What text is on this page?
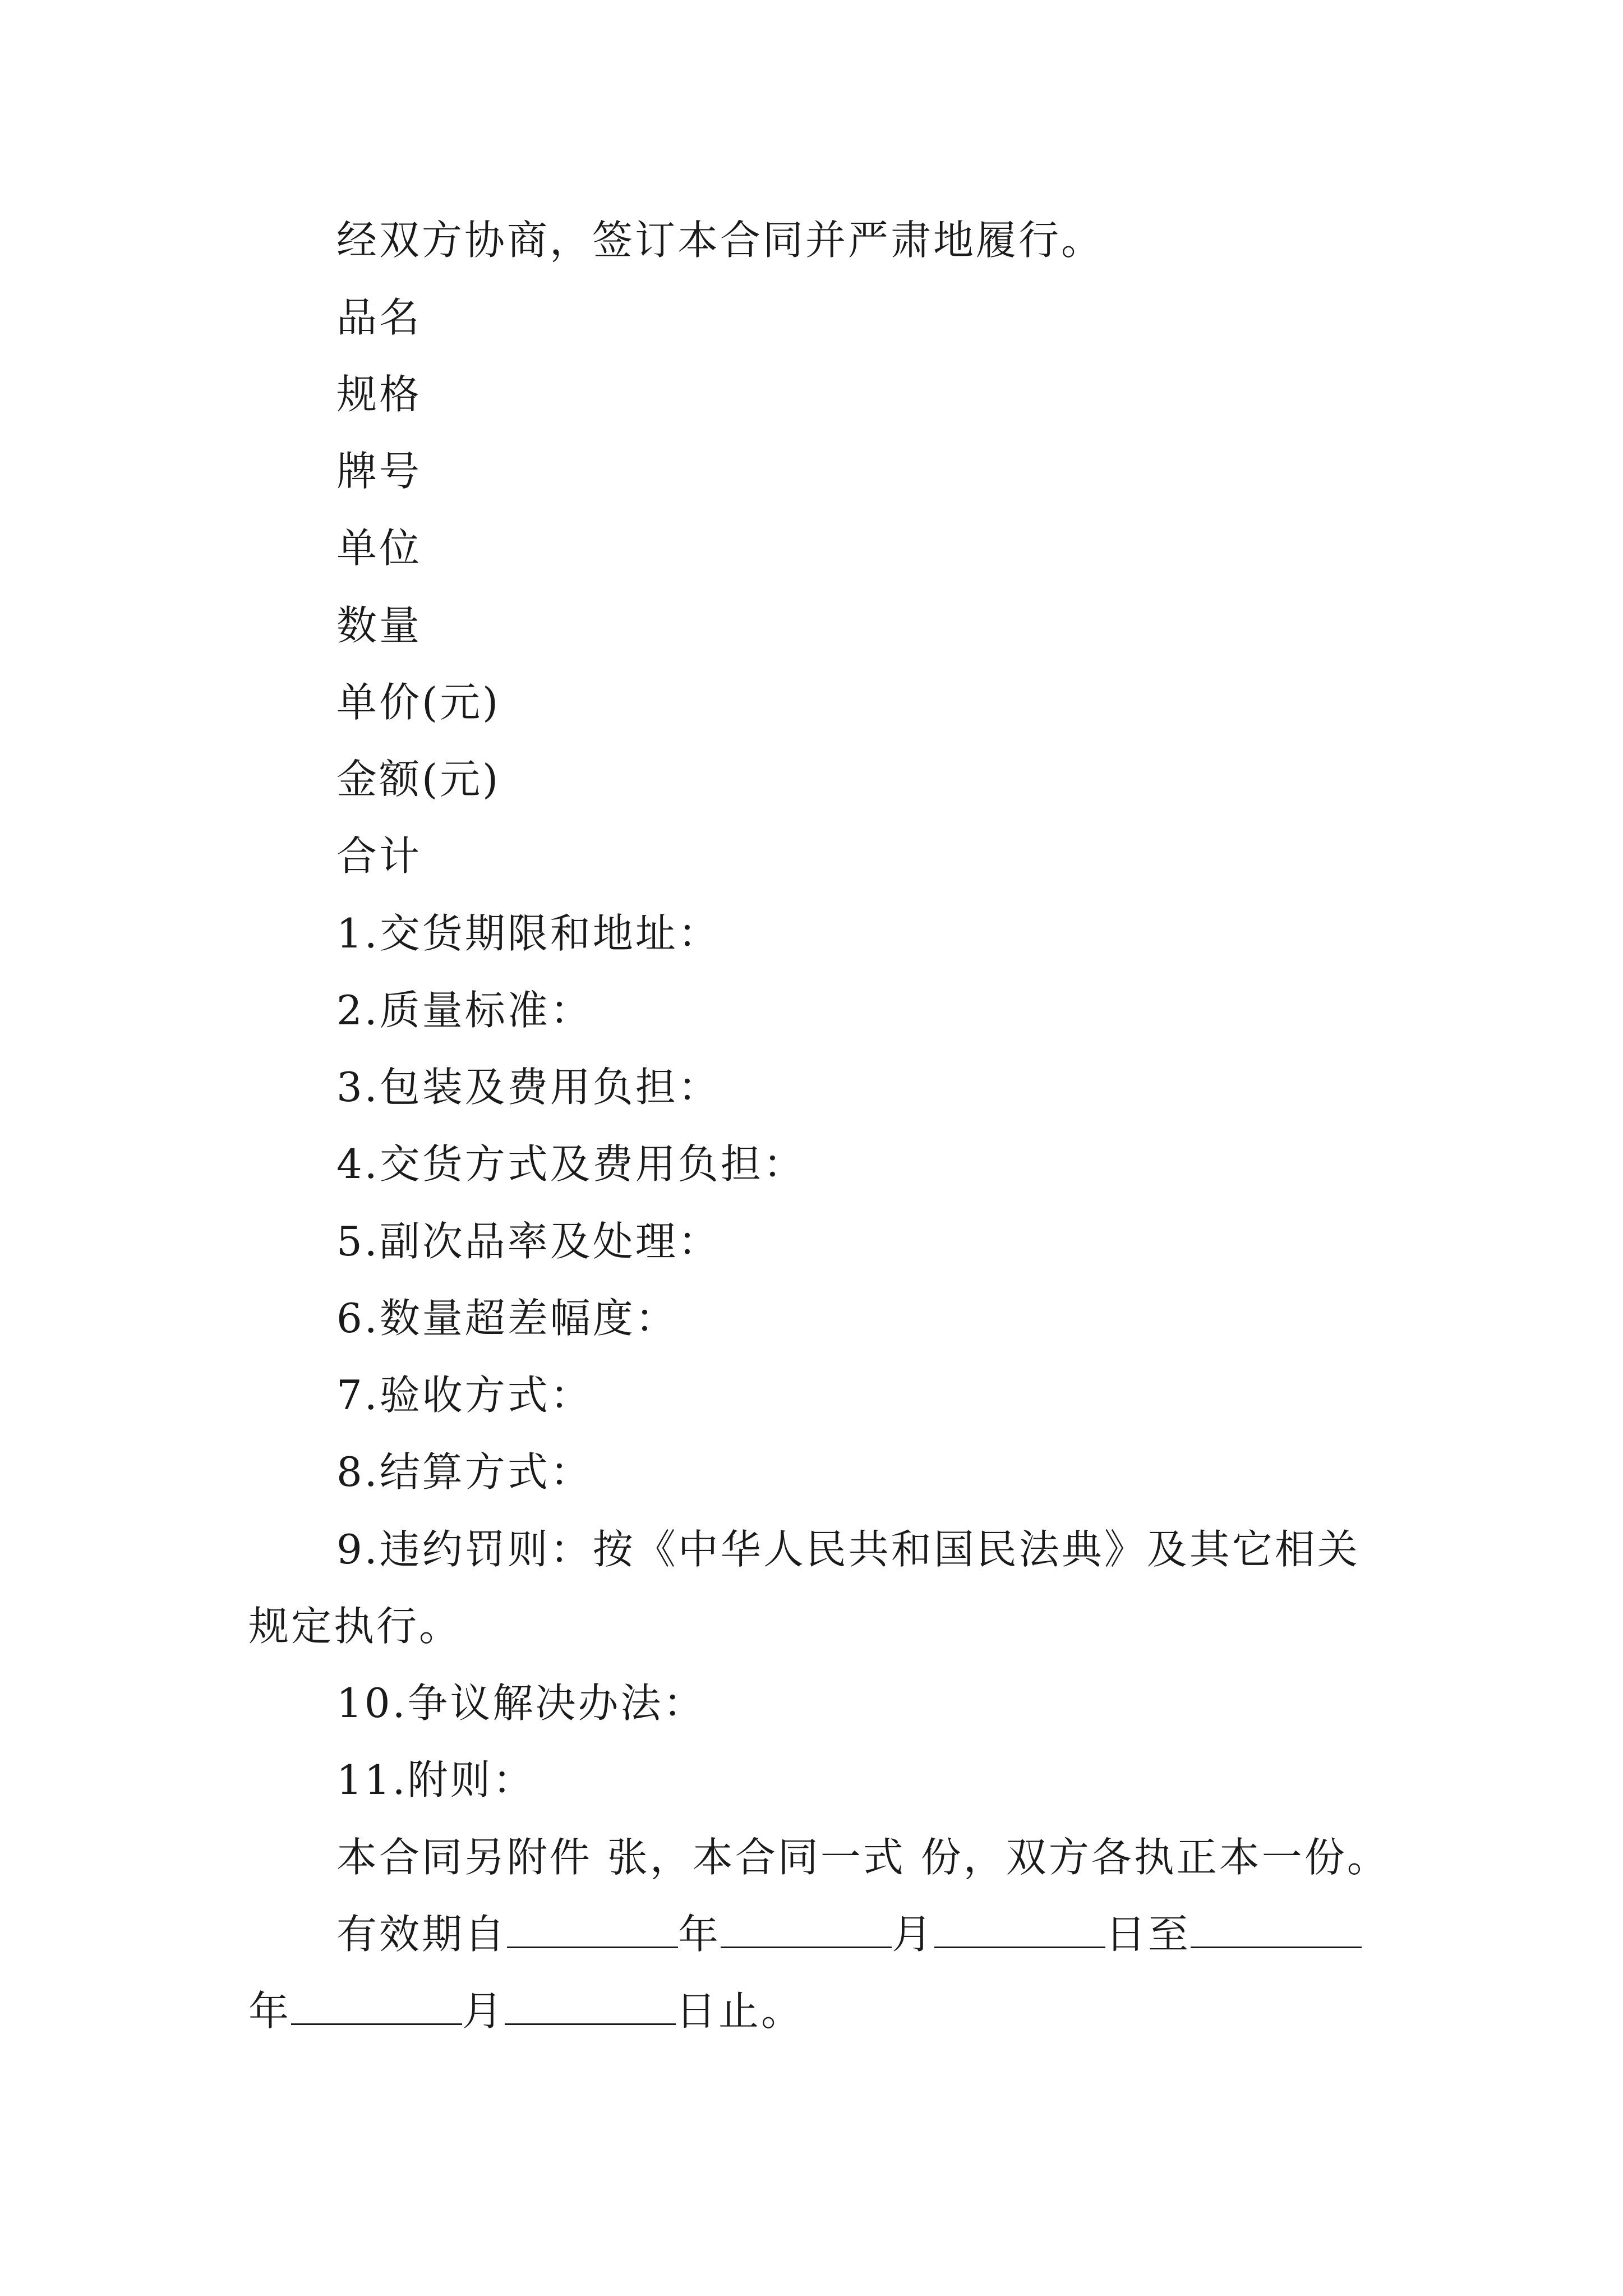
经双方协商，签订本合同并严肃地履行。
品名
规格
牌号
单位
数量
单价(元)
金额(元)
合计
1.交货期限和地址：
2.质量标准：
3.包装及费用负担：
4.交货方式及费用负担：
5.副次品率及处理：
6.数量超差幅度：
7.验收方式：
8.结算方式：
9.违约罚则：按《中华人民共和国民法典》及其它相关
规定执行。
10.争议解决办法：
11.附则：
本合同另附件 张，本合同一式 份，双方各执正本一份。
有效期自	年	月	日至
年	月	日止。
